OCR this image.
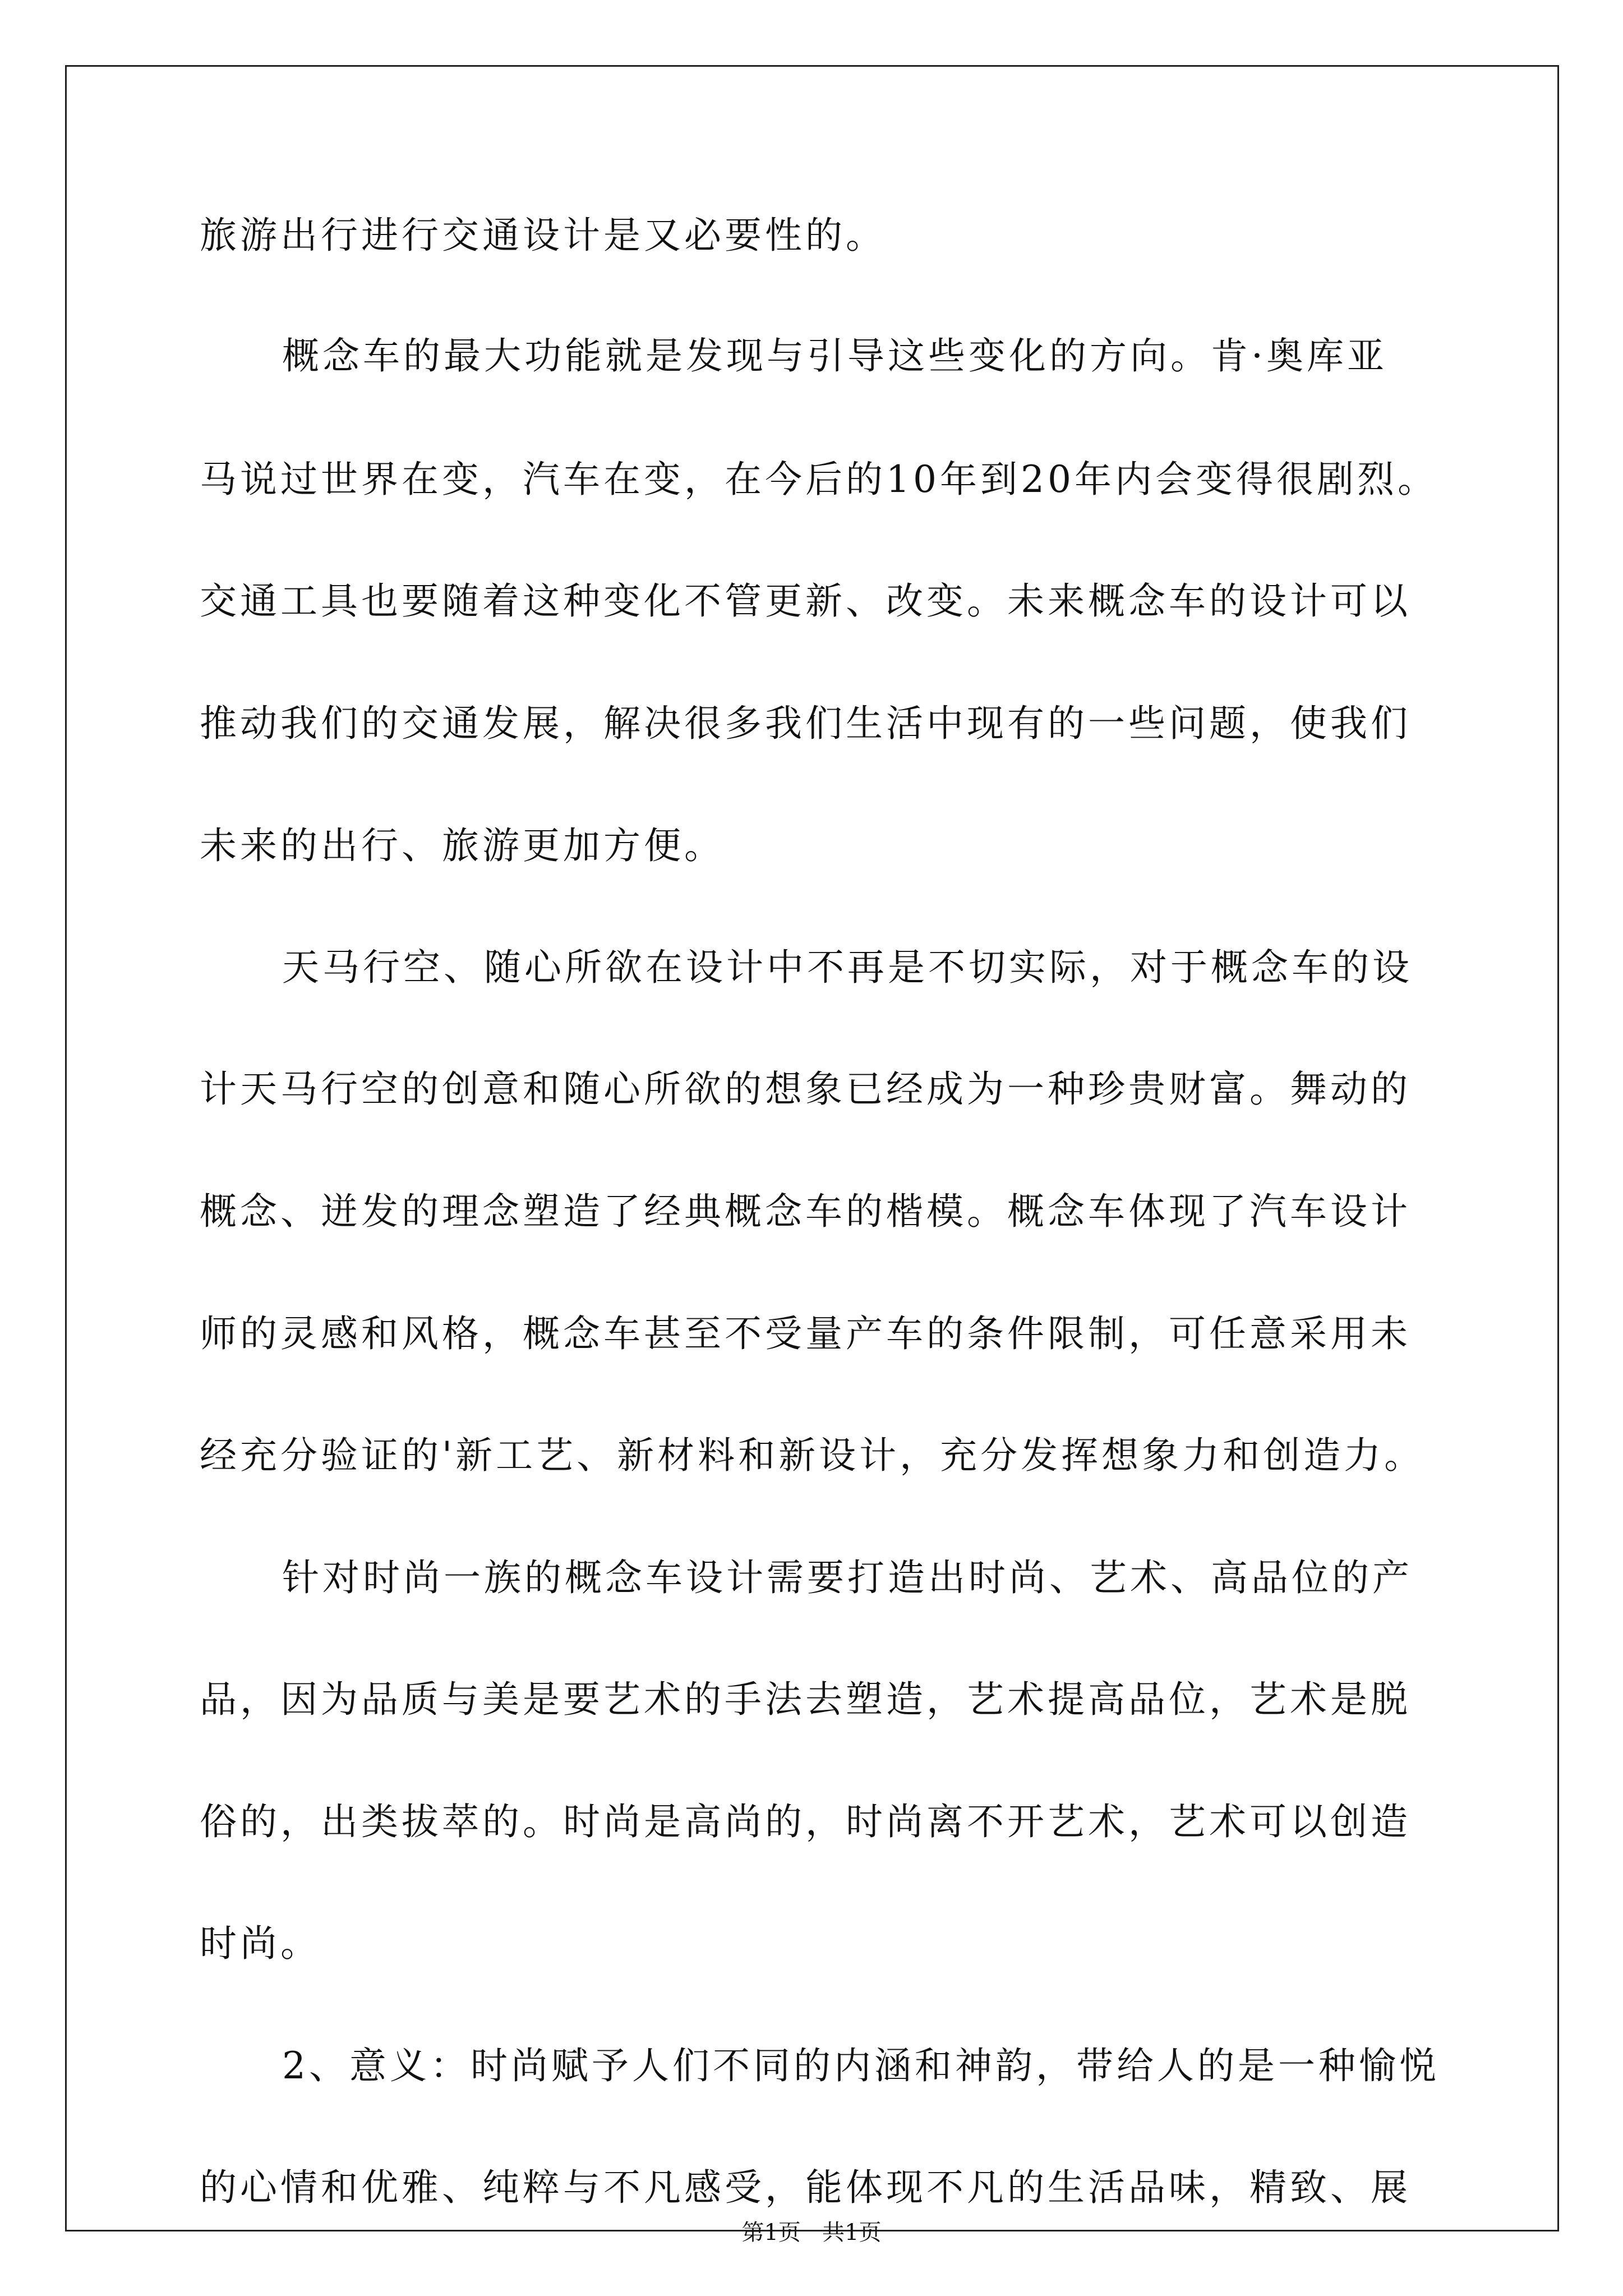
旅游出行进行交通设计是又必要性的。
概念车的最大功能就是发现与引导这些变化的方向。肯·奥库亚
马说过世界在变，汽车在变，在今后的10年到20年内会变得很剧烈。
交通工具也要随着这种变化不管更新、改变。未来概念车的设计可以
推动我们的交通发展，解决很多我们生活中现有的一些问题，使我们
未来的出行、旅游更加方便。
天马行空、随心所欲在设计中不再是不切实际，对于概念车的设
计天马行空的创意和随心所欲的想象已经成为一种珍贵财富。舞动的
概念、迸发的理念塑造了经典概念车的楷模。概念车体现了汽车设计
师的灵感和风格，概念车甚至不受量产车的条件限制，可任意采用未
经充分验证的'新工艺、新材料和新设计，充分发挥想象力和创造力。
针对时尚一族的概念车设计需要打造出时尚、艺术、高品位的产
品，因为品质与美是要艺术的手法去塑造，艺术提高品位，艺术是脱
俗的，出类拔萃的。时尚是高尚的，时尚离不开艺术，艺术可以创造
时尚。
2、意义：时尚赋予人们不同的内涵和神韵，带给人的是一种愉悦
的心情和优雅、纯粹与不凡感受，能体现不凡的生活品味，精致、展
第1页   共1页
